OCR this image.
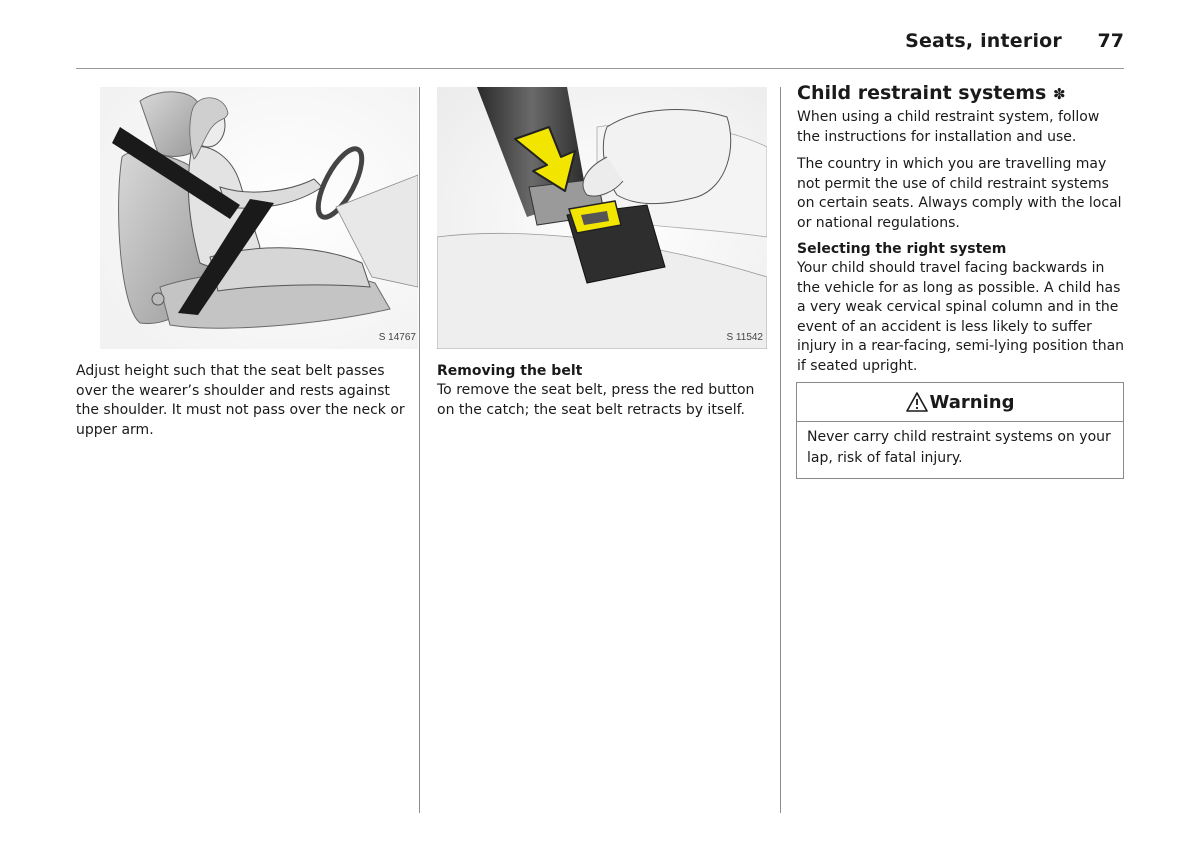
Seats, interior 77
S 14767

Adjust height such that the seat belt passes over the wearer’s shoulder and rests against the shoulder. It must not pass over the neck or upper arm.

S 11542
Removing the belt
To remove the seat belt, press the red button on the catch; the seat belt retracts by itself.
Child restraint systems ✽

When using a child restraint system, follow the instructions for installation and use.

The country in which you are travelling may not permit the use of child restraint systems on certain seats. Always comply with the local or national regulations.

Selecting the right system
Your child should travel facing backwards in the vehicle for as long as possible. A child has a very weak cervical spinal column and in the event of an accident is less likely to suffer injury in a rear-facing, semi-lying position than if seated upright.
Warning
Never carry child restraint systems on your lap, risk of fatal injury.
